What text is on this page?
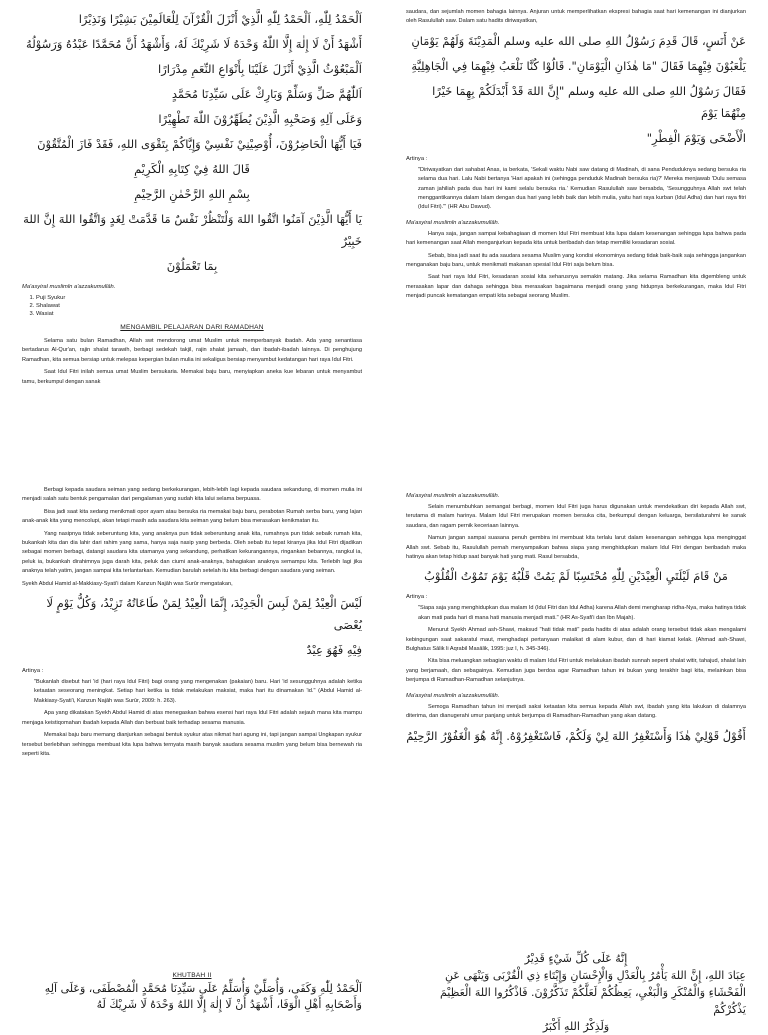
اَلْحَمْدُ لِلّٰهِ، اَلْحَمْدُ لِلّٰهِ الَّذِيْ أَنْزَلَ الْقُرْآنَ لِلْعَالَمِيْنَ بَشِيْرًا وَنَذِيْرًا

أَشْهَدُ أَنْ لَا إِلٰهَ إِلَّا اللّٰهُ وَحْدَهُ لَا شَرِيْكَ لَهُ، وَأَشْهَدُ أَنَّ مُحَمَّدًا عَبْدُهُ وَرَسُوْلُهُ

اَلْمَبْعُوْثُ الَّذِيْ أَنْزَلَ عَلَيْنَا بِأَنْوَاعِ النِّعَمِ مِدْرَارًا

اَللّٰهُمَّ صَلِّ وَسَلِّمْ وَبَارِكْ عَلَى سَيِّدِنَا مُحَمَّدٍ

وَعَلَى آلِهِ وَصَحْبِهِ الَّذِيْنَ يُطَهِّرُوْنَ اللّٰهَ تَطْهِيْرًا

فَيَا أَيُّهَا الْحَاضِرُوْنَ، أُوْصِيْنِيْ نَفْسِيْ وَإِيَّاكُمْ بِتَقْوَى اللهِ، فَقَدْ فَازَ الْمُتَّقُوْنَ

قَالَ اللهُ فِيْ كِتَابِهِ الْكَرِيْمِ

بِسْمِ اللهِ الرَّحْمٰنِ الرَّحِيْمِ

يَا أَيُّهَا الَّذِيْنَ آمَنُوا اتَّقُوا اللهَ وَلْتَنْظُرْ نَفْسٌ مَا قَدَّمَتْ لِغَدٍ وَاتَّقُوا اللهَ إِنَّ اللهَ خَبِيْرٌ

بِمَا تَعْمَلُوْنَ

Ma'asyiral muslimīn a'azzakumullāh.

1. Puji Syukur
2. Shalawat
3. Wasiat

MENGAMBIL PELAJARAN DARI RAMADHAN

Selama satu bulan Ramadhan, Allah swt mendorong umat Muslim untuk memperbanyak ibadah. Ada yang senantiasa bertadarus Al-Qur'an, rajin shalat tarawih, berbagi sedekah takjil, rajin shalat jamaah, dan ibadah-ibadah lainnya. Di penghujung Ramadhan, kita semua bersiap untuk melepas kepergian bulan mulia ini sekaligus bersiap menyambut kedatangan hari raya Idul Fitri.

Saat Idul Fitri inilah semua umat Muslim bersukaria. Memakai baju baru, menyiapkan aneka kue lebaran untuk menyambut tamu, berkumpul dengan sanak

saudara, dan sejumlah momen bahagia lainnya. Anjuran untuk memperlihatkan ekspresi bahagia saat hari kemenangan ini dianjurkan oleh Rasulullah saw. Dalam satu hadits diriwayatkan,

عَنْ أَنَسٍ، قَالَ قَدِمَ رَسُوْلُ اللهِ صلى الله عليه وسلم الْمَدِيْنَةَ وَلَهُمْ يَوْمَانِ

يَلْعَبُوْنَ فِيْهِمَا فَقَالَ "مَا هٰذَانِ الْيَوْمَانِ". قَالُوْا كُنَّا نَلْعَبُ فِيْهِمَا فِي الْجَاهِلِيَّةِ

فَقَالَ رَسُوْلُ اللهِ صلى الله عليه وسلم "إِنَّ اللهَ قَدْ أَبْدَلَكُمْ بِهِمَا خَيْرًا مِنْهُمَا يَوْمَ

الْأَضْحَى وَيَوْمَ الْفِطْرِ"

Artinya :

"Diriwayatkan dari sahabat Anas, ia berkata, 'Sekali waktu Nabi saw datang di Madinah, di sana Penduduknya sedang bersuka ria selama dua hari. Lalu Nabi bertanya 'Hari apakah ini (sehingga penduduk Madinah bersuka ria)?' Mereka menjawab 'Dulu semasa zaman jahiliah pada dua hari ini kami selalu bersuka ria.' Kemudian Rasulullah saw bersabda, 'Sesungguhnya Allah swt telah menggantikannya dalam Islam dengan dua hari yang lebih baik dan lebih mulia, yaitu hari raya kurban (Idul Adha) dan hari raya fitri (Idul Fitri).'" (HR Abu Dawud).

Ma'asyiral muslimīn a'azzakumullāh.

Hanya saja, jangan sampai kebahagiaan di momen Idul Fitri membuat kita lupa dalam kesenangan sehingga lupa bahwa pada hari kemenangan saat Allah menganjurkan kepada kita untuk beribadah dan tetap memiliki kesadaran sosial.

Sebab, bisa jadi saat itu ada saudara sesama Muslim yang kondisi ekonominya sedang tidak baik-baik saja sehingga jangankan menganakan baju baru, untuk menikmati makanan spesial Idul Fitri saja belum bisa.

Saat hari raya Idul Fitri, kesadaran sosial kita seharusnya semakin matang. Jika selama Ramadhan kita digembleng untuk merasakan lapar dan dahaga sehingga bisa merasakan bagaimana menjadi orang yang hidupnya berkekurangan, maka Idul Fitri menjadi puncak kematangan empati kita sebagai seorang Muslim.

Berbagi kepada saudara seiman yang sedang berkekurangan, lebih-lebih lagi kepada saudara sekandung, di momen mulia ini menjadi salah satu bentuk pengamalan dari pengalaman yang sudah kita lalui selama berpuasa.

Bisa jadi saat kita sedang menikmati opor ayam atau bersuka ria memakai baju baru, perabotan Rumah serba baru, yang lajan anak-anak kita yang mencolupi, akan tetapi masih ada saudara kita seiman yang belum bisa merasakan kenikmatan itu.

Yang nasipnya tidak seberuntung kita, yang anaknya pun tidak seberuntung anak kita, rumahnya pun tidak sebaik rumah kita, bukankah kita dan dia lahir dari rahim yang sama, hanya saja nasip yang berbeda. Oleh sebab itu tepat kiranya jika Idul Fitri dijadikan sebagai momen berbagi, datangi saudara kita utamanya yang sekandung, perhatikan kekurangannya, ringankan bebannya, rangkul ia, peluk ia, bukankah dirahimnya juga darah kita, peluk dan ciumi anak-anaknya, bahagiakan anaknya semampu kita. Terlebih lagi jika anaknya telah yatim, jangan sampai kita terlantarkan. Kemudian barulah setelah itu kita berbagi dengan saudara yang seiman.

Syekh Abdul Hamid al-Makkiasy-Syati'i dalam Kanzun Najāh was Surūr mengatakan,

لَيْسَ الْعِيْدُ لِمَنْ لَبِسَ الْجَدِيْدَ، إِنَّمَا الْعِيْدُ لِمَنْ طَاعَاتُهُ تَزِيْدُ، وَكُلُّ يَوْمٍ لَا يُعْصَى

فِيْهِ فَهُوَ عِيْدٌ

Artinya :

"Bukanlah disebut hari 'id (hari raya Idul Fitri) bagi orang yang mengenakan (pakaian) baru. Hari 'id sesungguhnya adalah ketika ketaatan seseorang meningkat. Setiap hari ketika ia tidak melakukan maksiat, maka hari itu dinamakan 'id." (Abdul Hamid al-Makkiasy-Syati'i, Kanzun Najāh was Surūr, 2009: h. 263).

Apa yang dikatakan Syekh Abdul Hamid di atas menegaskan bahwa esensi hari raya Idul Fitri adalah sejauh mana kita mampu menjaga keistiqomahan ibadah kepada Allah dan berbuat baik terhadap sesama manusia.

Memakai baju baru memang dianjurkan sebagai bentuk syukur atas nikmat hari agung ini, tapi jangan sampai Ungkapan syukur tersebut berlebihan sehingga membuat kita lupa bahwa ternyata masih banyak saudara sesama muslim yang belum bisa bernewah ria seperti kita.

Ma'asyiral muslimīn a'azzakumullāh.

Selain menumbuhkan semangat berbagi, momen Idul Fitri juga harus digunakan untuk mendekatkan diri kepada Allah swt, terutama di malam harinya. Malam Idul Fitri merupakan momen bersuka cita, berkumpul dengan keluarga, bersilaturahmi ke sanak saudara, dan ragam pernik keceriaan lainnya.

Namun jangan sampai suasana penuh gembira ini membuat kita terlalu larut dalam kesenangan sehingga lupa menginggat Allah swt. Sebab itu, Rasulullah pernah menyampaikan bahwa siapa yang menghidupkan malam Idul Fitri dengan beribadah maka hatinya akan tetap hidup saat banyak hati yang mati. Rasul bersabda,

مَنْ قَامَ لَيْلَتَيِ الْعِيْدَيْنِ لِلّٰهِ مُحْتَسِبًا لَمْ يَمُتْ قَلْبُهُ يَوْمَ تَمُوْتُ الْقُلُوْبُ

Artinya :

"Siapa saja yang menghidupkan dua malam Id (Idul Fitri dan Idul Adha) karena Allah demi mengharap ridha-Nya, maka hatinya tidak akan mati pada hari di mana hati manusia menjadi mati." (HR As-Syafi'i dan Ibn Majah).

Menurut Syekh Ahmad ash-Shawi, maksud "hati tidak mati" pada hadits di atas adalah orang tersebut tidak akan mengalami kebingungan saat sakaratul maut, menghadapi pertanyaan malaikat di alam kubur, dan di hari kiamat kelak. (Ahmad ash-Shawi, Bulghatus Sālik li Aqrabil Masālik, 1995: juz I, h. 345-346).

Kita bisa meluangkan sebagian waktu di malam Idul Fitri untuk melakukan ibadah sunnah seperti shalat witir, tahajud, shalat lain yang berjamaah, dan sebagainya. Kemudian juga berdoa agar Ramadhan tahun ini bukan yang terakhir bagi kita, melainkan bisa berjumpa di Ramadhan-Ramadhan selanjutnya.

Ma'asyiral muslimīn a'azzakumullāh.

Semoga Ramadhan tahun ini menjadi saksi ketaatan kita semua kepada Allah swt, ibadah yang kita lakukan di dalamnya diterima, dan dianugerahi umur panjang untuk berjumpa di Ramadhan-Ramadhan yang akan datang.

أَقُوْلُ قَوْلِيْ هٰذَا وَأَسْتَغْفِرُ اللهَ لِيْ وَلَكُمْ، فَاسْتَغْفِرُوْهُ. إِنَّهُ هُوَ الْغَفُوْرُ الرَّحِيْمُ

KHUTBAH II

اَلْحَمْدُ لِلّٰهِ وَكَفَى، وَأُصَلِّيْ وَأُسَلِّمُ عَلَى سَيِّدِنَا مُحَمَّدٍ الْمُصْطَفَى، وَعَلَى آلِهِ

وَأَصْحَابِهِ أَهْلِ الْوَفَا، أَشْهَدُ أَنْ لَا إِلٰهَ إِلَّا اللهُ وَحْدَهُ لَا شَرِيْكَ لَهُ

إِنَّهُ عَلَى كُلِّ شَيْءٍ قَدِيْرٌ

عِبَادَ اللهِ، إِنَّ اللهَ يَأْمُرُ بِالْعَدْلِ وَالْإِحْسَانِ وَإِيْتَاءِ ذِي الْقُرْبَى وَيَنْهَى عَنِ

الْفَحْشَاءِ وَالْمُنْكَرِ وَالْبَغْيِ، يَعِظُكُمْ لَعَلَّكُمْ تَذَكَّرُوْنَ. فَاذْكُرُوا اللهَ الْعَظِيْمَ يَذْكُرْكُمْ

وَلَذِكْرُ اللهِ أَكْبَرُ
